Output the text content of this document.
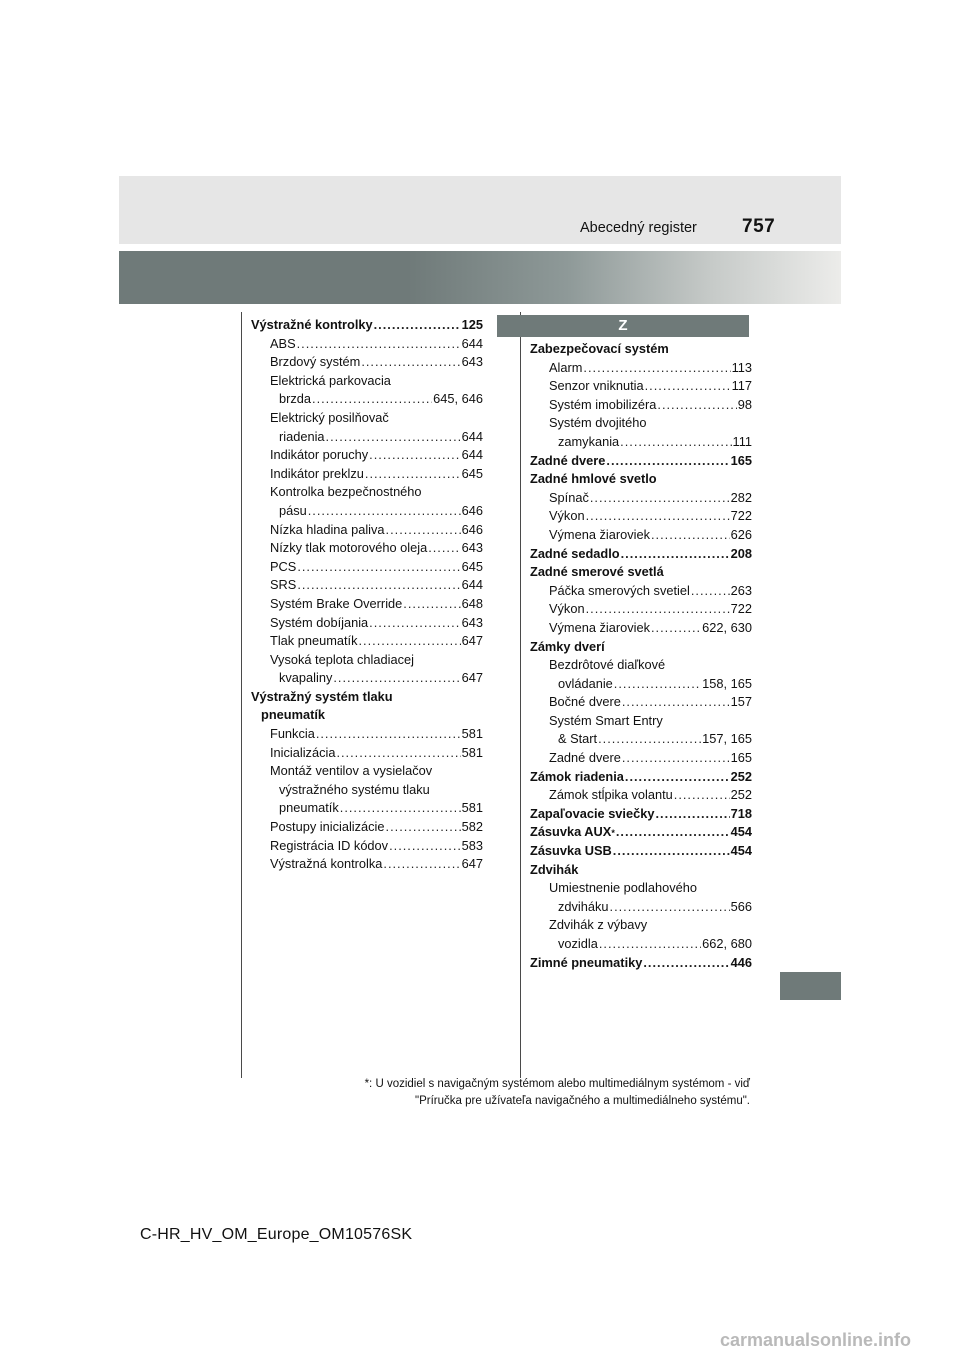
Abecedný register 757
Výstražné kontrolky .....	125
ABS .....	644
Brzdový systém .....	643
Elektrická parkovacia
brzda .....	645, 646
Elektrický posilňovač
riadenia .....	644
Indikátor poruchy .....	644
Indikátor preklzu .....	645
Kontrolka bezpečnostného
pásu .....	646
Nízka hladina paliva .....	646
Nízky tlak motorového oleja .....	643
PCS .....	645
SRS .....	644
Systém Brake Override .....	648
Systém dobíjania .....	643
Tlak pneumatík .....	647
Vysoká teplota chladiacej
kvapaliny .....	647
Výstražný systém tlaku
pneumatík
Funkcia .....	581
Inicializácia .....	581
Montáž ventilov a vysielačov
výstražného systému tlaku
pneumatík .....	581
Postupy inicializácie .....	582
Registrácia ID kódov .....	583
Výstražná kontrolka .....	647
Z
Zabezpečovací systém
Alarm .....	113
Senzor vniknutia .....	117
Systém imobilizéra .....	98
Systém dvojitého
zamykania .....	111
Zadné dvere .....	165
Zadné hmlové svetlo
Spínač .....	282
Výkon .....	722
Výmena žiaroviek .....	626
Zadné sedadlo .....	208
Zadné smerové svetlá
Páčka smerových svetiel .....	263
Výkon .....	722
Výmena žiaroviek .....	622, 630
Zámky dverí
Bezdrôtové diaľkové
ovládanie .....	158, 165
Bočné dvere .....	157
Systém Smart Entry
& Start .....	157, 165
Zadné dvere .....	165
Zámok riadenia .....	252
Zámok stĺpika volantu .....	252
Zapaľovacie sviečky .....	718
Zásuvka AUX * .....	454
Zásuvka USB .....	454
Zdvihák
Umiestnenie podlahového
zdviháku .....	566
Zdvihák z výbavy
vozidla .....	662, 680
Zimné pneumatiky .....	446
*: U vozidiel s navigačným systémom alebo multimediálnym systémom - viď
"Príručka pre užívateľa navigačného a multimediálneho systému".
C-HR_HV_OM_Europe_OM10576SK
carmanualsonline.info
